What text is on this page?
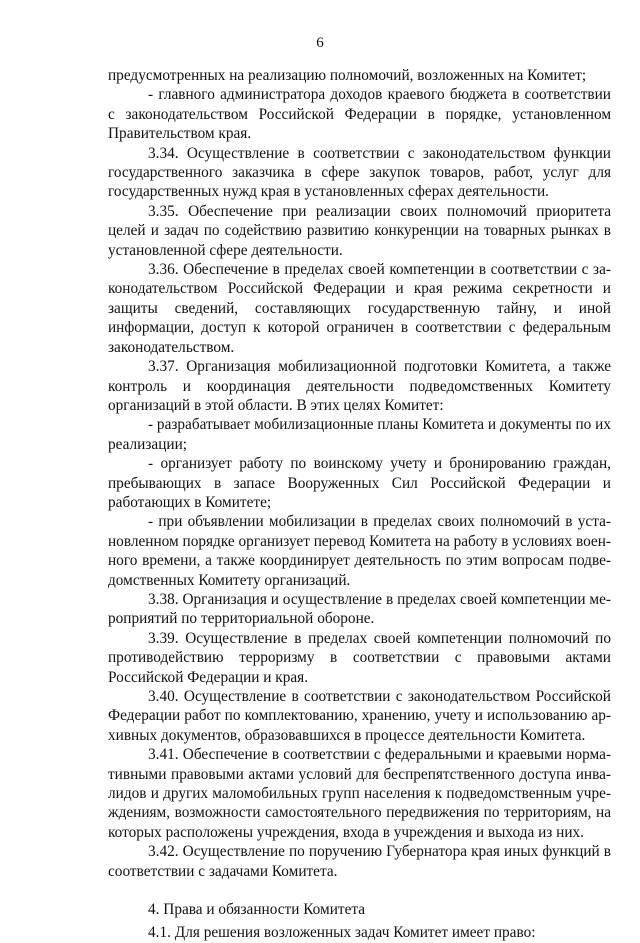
6

предусмотренных на реализацию полномочий, возложенных на Комитет;

- главного администратора доходов краевого бюджета в соответствии с законодательством Российской Федерации в порядке, установленном Правительством края.

3.34. Осуществление в соответствии с законодательством функции государственного заказчика в сфере закупок товаров, работ, услуг для государственных нужд края в установленных сферах деятельности.

3.35. Обеспечение при реализации своих полномочий приоритета целей и задач по содействию развитию конкуренции на товарных рынках в установленной сфере деятельности.

3.36. Обеспечение в пределах своей компетенции в соответствии с законодательством Российской Федерации и края режима секретности и защиты сведений, составляющих государственную тайну, и иной информации, доступ к которой ограничен в соответствии с федеральным законодательством.

3.37. Организация мобилизационной подготовки Комитета, а также контроль и координация деятельности подведомственных Комитету организаций в этой области. В этих целях Комитет:

- разрабатывает мобилизационные планы Комитета и документы по их реализации;

- организует работу по воинскому учету и бронированию граждан, пребывающих в запасе Вооруженных Сил Российской Федерации и работающих в Комитете;

- при объявлении мобилизации в пределах своих полномочий в установленном порядке организует перевод Комитета на работу в условиях военного времени, а также координирует деятельность по этим вопросам подведомственных Комитету организаций.

3.38. Организация и осуществление в пределах своей компетенции мероприятий по территориальной обороне.

3.39. Осуществление в пределах своей компетенции полномочий по противодействию терроризму в соответствии с правовыми актами Российской Федерации и края.

3.40. Осуществление в соответствии с законодательством Российской Федерации работ по комплектованию, хранению, учету и использованию архивных документов, образовавшихся в процессе деятельности Комитета.

3.41. Обеспечение в соответствии с федеральными и краевыми нормативными правовыми актами условий для беспрепятственного доступа инвалидов и других маломобильных групп населения к подведомственным учреждениям, возможности самостоятельного передвижения по территориям, на которых расположены учреждения, входа в учреждения и выхода из них.

3.42. Осуществление по поручению Губернатора края иных функций в соответствии с задачами Комитета.

4. Права и обязанности Комитета

4.1. Для решения возложенных задач Комитет имеет право:
